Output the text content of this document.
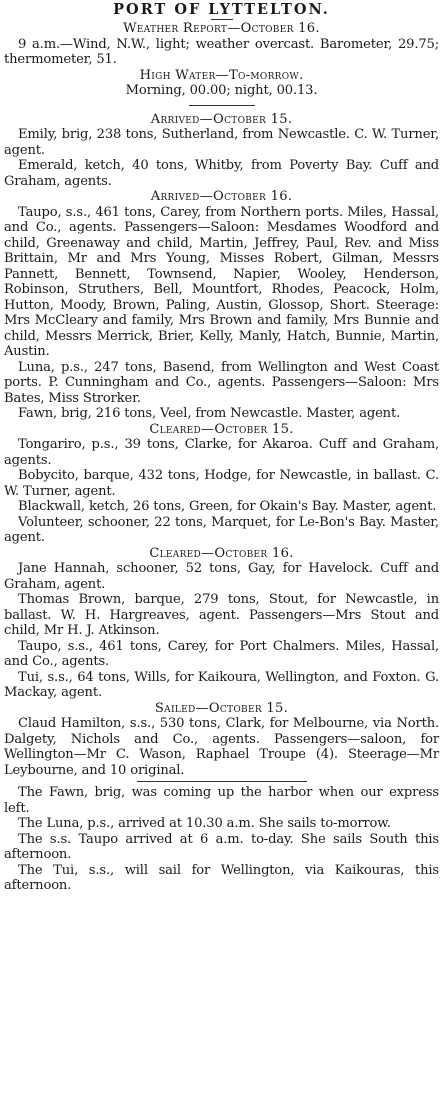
PORT OF LYTTELTON.
Weather Report—October 16.

9 a.m.—Wind, N.W., light; weather overcast. Barometer, 29.75; thermometer, 51.

High Water—To-morrow.

Morning, 00.00; night, 00.13.

Arrived—October 15.

Emily, brig, 238 tons, Sutherland, from Newcastle. C. W. Turner, agent.

Emerald, ketch, 40 tons, Whitby, from Poverty Bay. Cuff and Graham, agents.

Arrived—October 16.

Taupo, s.s., 461 tons, Carey, from Northern ports. Miles, Hassal, and Co., agents. Passengers—Saloon: Mesdames Woodford and child, Greenaway and child, Martin, Jeffrey, Paul, Rev. and Miss Brittain, Mr and Mrs Young, Misses Robert, Gilman, Messrs Pannett, Bennett, Townsend, Napier, Wooley, Henderson, Robinson, Struthers, Bell, Mountfort, Rhodes, Peacock, Holm, Hutton, Moody, Brown, Paling, Austin, Glossop, Short. Steerage: Mrs McCleary and family, Mrs Brown and family, Mrs Bunnie and child, Messrs Merrick, Brier, Kelly, Manly, Hatch, Bunnie, Martin, Austin.

Luna, p.s., 247 tons, Basend, from Wellington and West Coast ports. P. Cunningham and Co., agents. Passengers—Saloon: Mrs Bates, Miss Strorker.

Fawn, brig, 216 tons, Veel, from Newcastle. Master, agent.

Cleared—October 15.

Tongariro, p.s., 39 tons, Clarke, for Akaroa. Cuff and Graham, agents.

Bobycito, barque, 432 tons, Hodge, for Newcastle, in ballast. C. W. Turner, agent.

Blackwall, ketch, 26 tons, Green, for Okain's Bay. Master, agent.

Volunteer, schooner, 22 tons, Marquet, for Le-Bon's Bay. Master, agent.

Cleared—October 16.

Jane Hannah, schooner, 52 tons, Gay, for Havelock. Cuff and Graham, agent.

Thomas Brown, barque, 279 tons, Stout, for Newcastle, in ballast. W. H. Hargreaves, agent. Passengers—Mrs Stout and child, Mr H. J. Atkinson.

Taupo, s.s., 461 tons, Carey, for Port Chalmers. Miles, Hassal, and Co., agents.

Tui, s.s., 64 tons, Wills, for Kaikoura, Wellington, and Foxton. G. Mackay, agent.

Sailed—October 15.

Claud Hamilton, s.s., 530 tons, Clark, for Melbourne, via North. Dalgety, Nichols and Co., agents. Passengers—saloon, for Wellington—Mr C. Wason, Raphael Troupe (4). Steerage—Mr Leybourne, and 10 original.

The Fawn, brig, was coming up the harbor when our express left.

The Luna, p.s., arrived at 10.30 a.m. She sails to-morrow.

The s.s. Taupo arrived at 6 a.m. to-day. She sails South this afternoon.

The Tui, s.s., will sail for Wellington, via Kaikouras, this afternoon.
